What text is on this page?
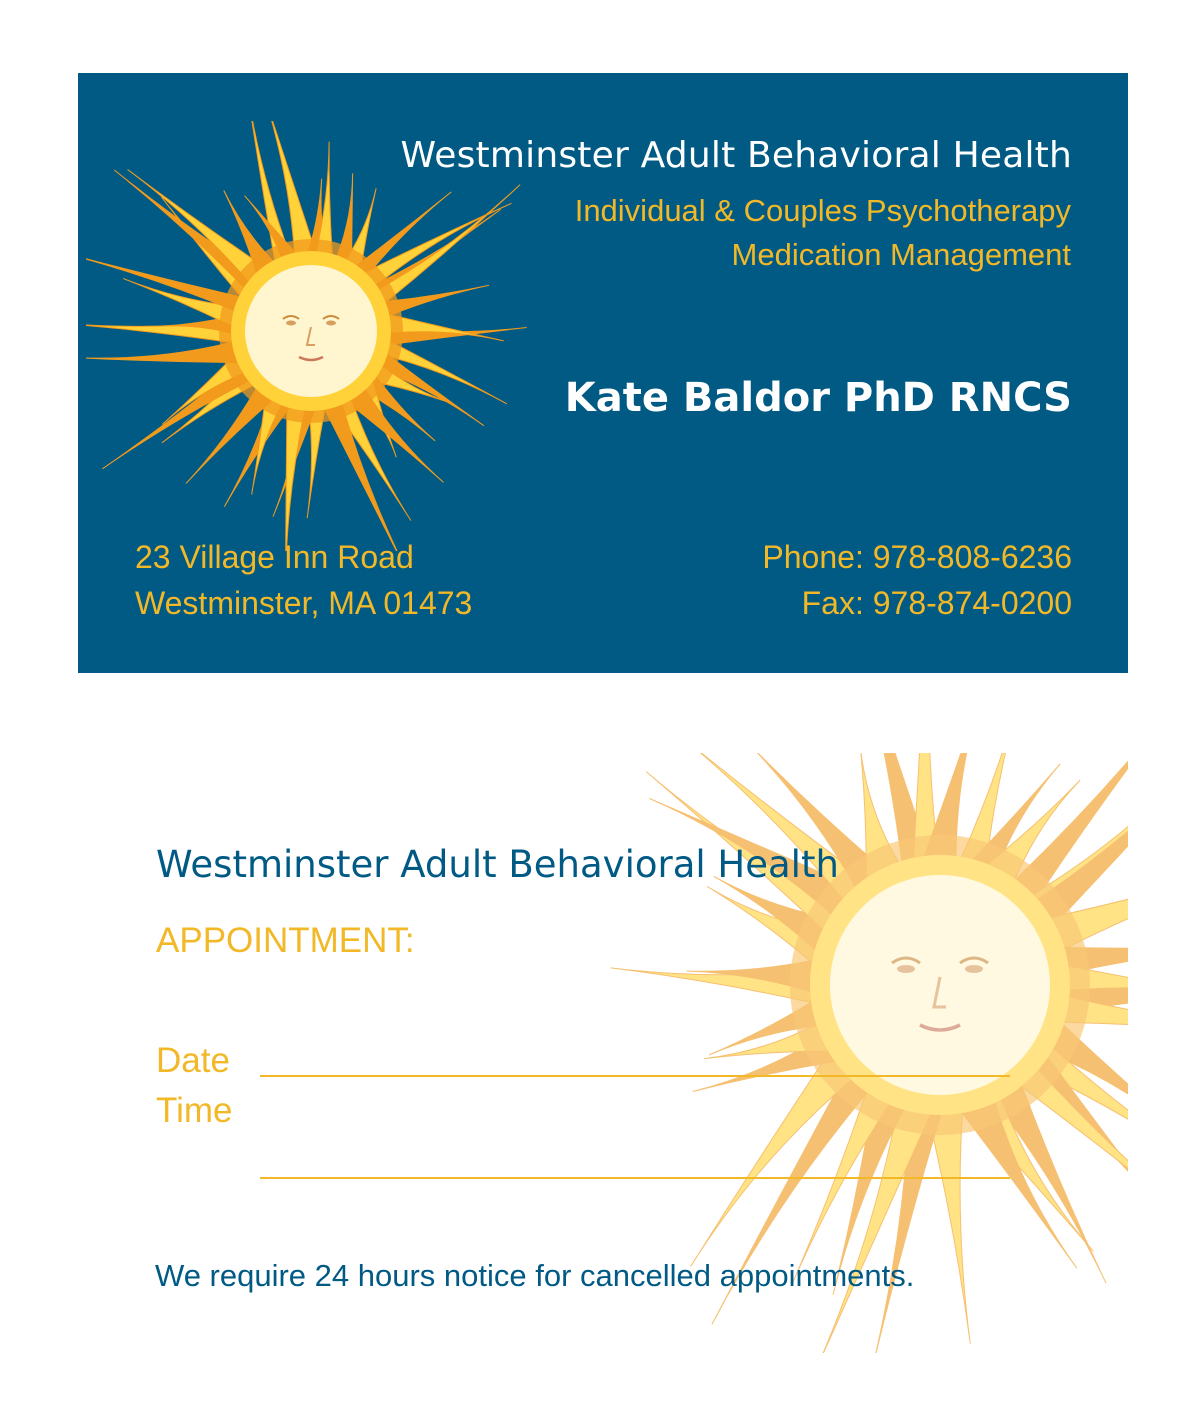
Westminster Adult Behavioral Health
Individual & Couples Psychotherapy
Medication Management
Kate Baldor PhD RNCS
23 Village Inn Road
Westminster, MA 01473
Phone: 978-808-6236
Fax: 978-874-0200
Westminster Adult Behavioral Health
APPOINTMENT:
Date
Time
We require 24 hours notice for cancelled appointments.
